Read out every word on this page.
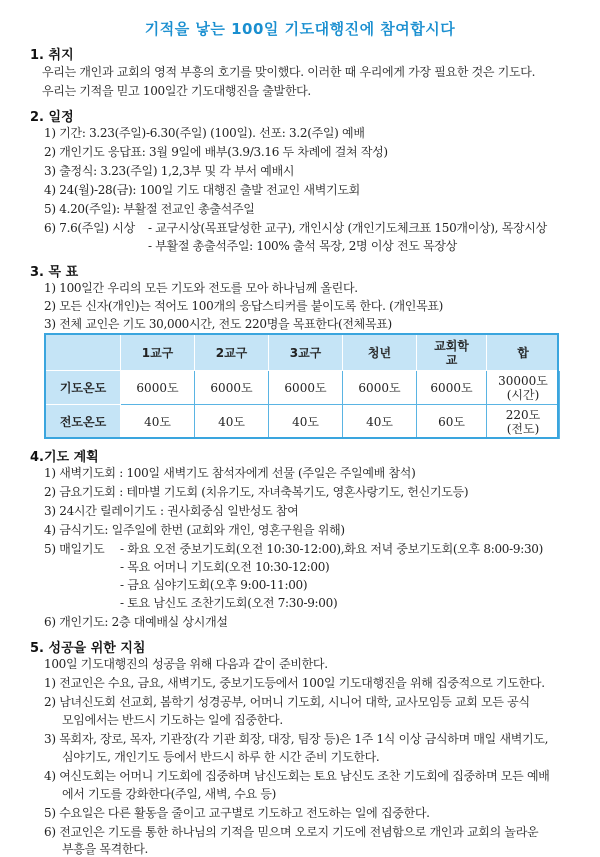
기적을 낳는 100일 기도대행진에 참여합시다
1. 취지
우리는 개인과 교회의 영적 부흥의 호기를 맞이했다. 이러한 때 우리에게 가장 필요한 것은 기도다.
우리는 기적을 믿고 100일간 기도대행진을 출발한다.
2. 일정
1) 기간: 3.23(주일)-6.30(주일) (100일). 선포: 3.2(주일) 예배
2) 개인기도 응답표: 3월 9일에 배부(3.9/3.16 두 차례에 걸쳐 작성)
3) 출정식: 3.23(주일) 1,2,3부 및 각 부서 예배시
4) 24(월)-28(금): 100일 기도 대행진 출발 전교인 새벽기도회
5) 4.20(주일): 부활절 전교인 총출석주일
6) 7.6(주일) 시상 - 교구시상(목표달성한 교구), 개인시상 (개인기도체크표 150개이상), 목장시상
- 부활절 총출석주일: 100% 출석 목장, 2명 이상 전도 목장상
3. 목 표
1) 100일간 우리의 모든 기도와 전도를 모아 하나님께 올린다.
2) 모든 신자(개인)는 적어도 100개의 응답스티커를 붙이도록 한다. (개인목표)
3) 전체 교인은 기도 30,000시간, 전도 220명을 목표한다(전체목표)
	1교구	2교구	3교구	청년	교회학교	합
기도온도	6000도	6000도	6000도	6000도	6000도	30000도
(시간)
전도온도	40도	40도	40도	40도	60도	220도
(전도)
4.기도 계획
1) 새벽기도회 : 100일 새벽기도 참석자에게 선물 (주일은 주일예배 참석)
2) 금요기도회 : 테마별 기도회 (치유기도, 자녀축복기도, 영혼사랑기도, 헌신기도등)
3) 24시간 릴레이기도 : 권사회중심 일반성도 참여
4) 금식기도: 일주일에 한번 (교회와 개인, 영혼구원을 위해)
5) 매일기도 - 화요 오전 중보기도회(오전 10:30-12:00),화요 저녁 중보기도회(오후 8:00-9:30)
- 목요 어머니 기도회(오전 10:30-12:00)
- 금요 심야기도회(오후 9:00-11:00)
- 토요 남신도 조찬기도회(오전 7:30-9:00)
6) 개인기도: 2층 대예배실 상시개설
5. 성공을 위한 지침
100일 기도대행진의 성공을 위해 다음과 같이 준비한다.
1) 전교인은 수요, 금요, 새벽기도, 중보기도등에서 100일 기도대행진을 위해 집중적으로 기도한다.
2) 남녀신도회 선교회, 봄학기 성경공부, 어머니 기도회, 시니어 대학, 교사모임등 교회 모든 공식
모임에서는 반드시 기도하는 일에 집중한다.
3) 목회자, 장로, 목자, 기관장(각 기관 회장, 대장, 팀장 등)은 1주 1식 이상 금식하며 매일 새벽기도,
심야기도, 개인기도 등에서 반드시 하루 한 시간 준비 기도한다.
4) 여신도회는 어머니 기도회에 집중하며 남신도회는 토요 남신도 조찬 기도회에 집중하며 모든 예배
에서 기도를 강화한다(주일, 새벽, 수요 등)
5) 수요일은 다른 활동을 줄이고 교구별로 기도하고 전도하는 일에 집중한다.
6) 전교인은 기도를 통한 하나님의 기적을 믿으며 오로지 기도에 전념함으로 개인과 교회의 놀라운
부흥을 목격한다.
